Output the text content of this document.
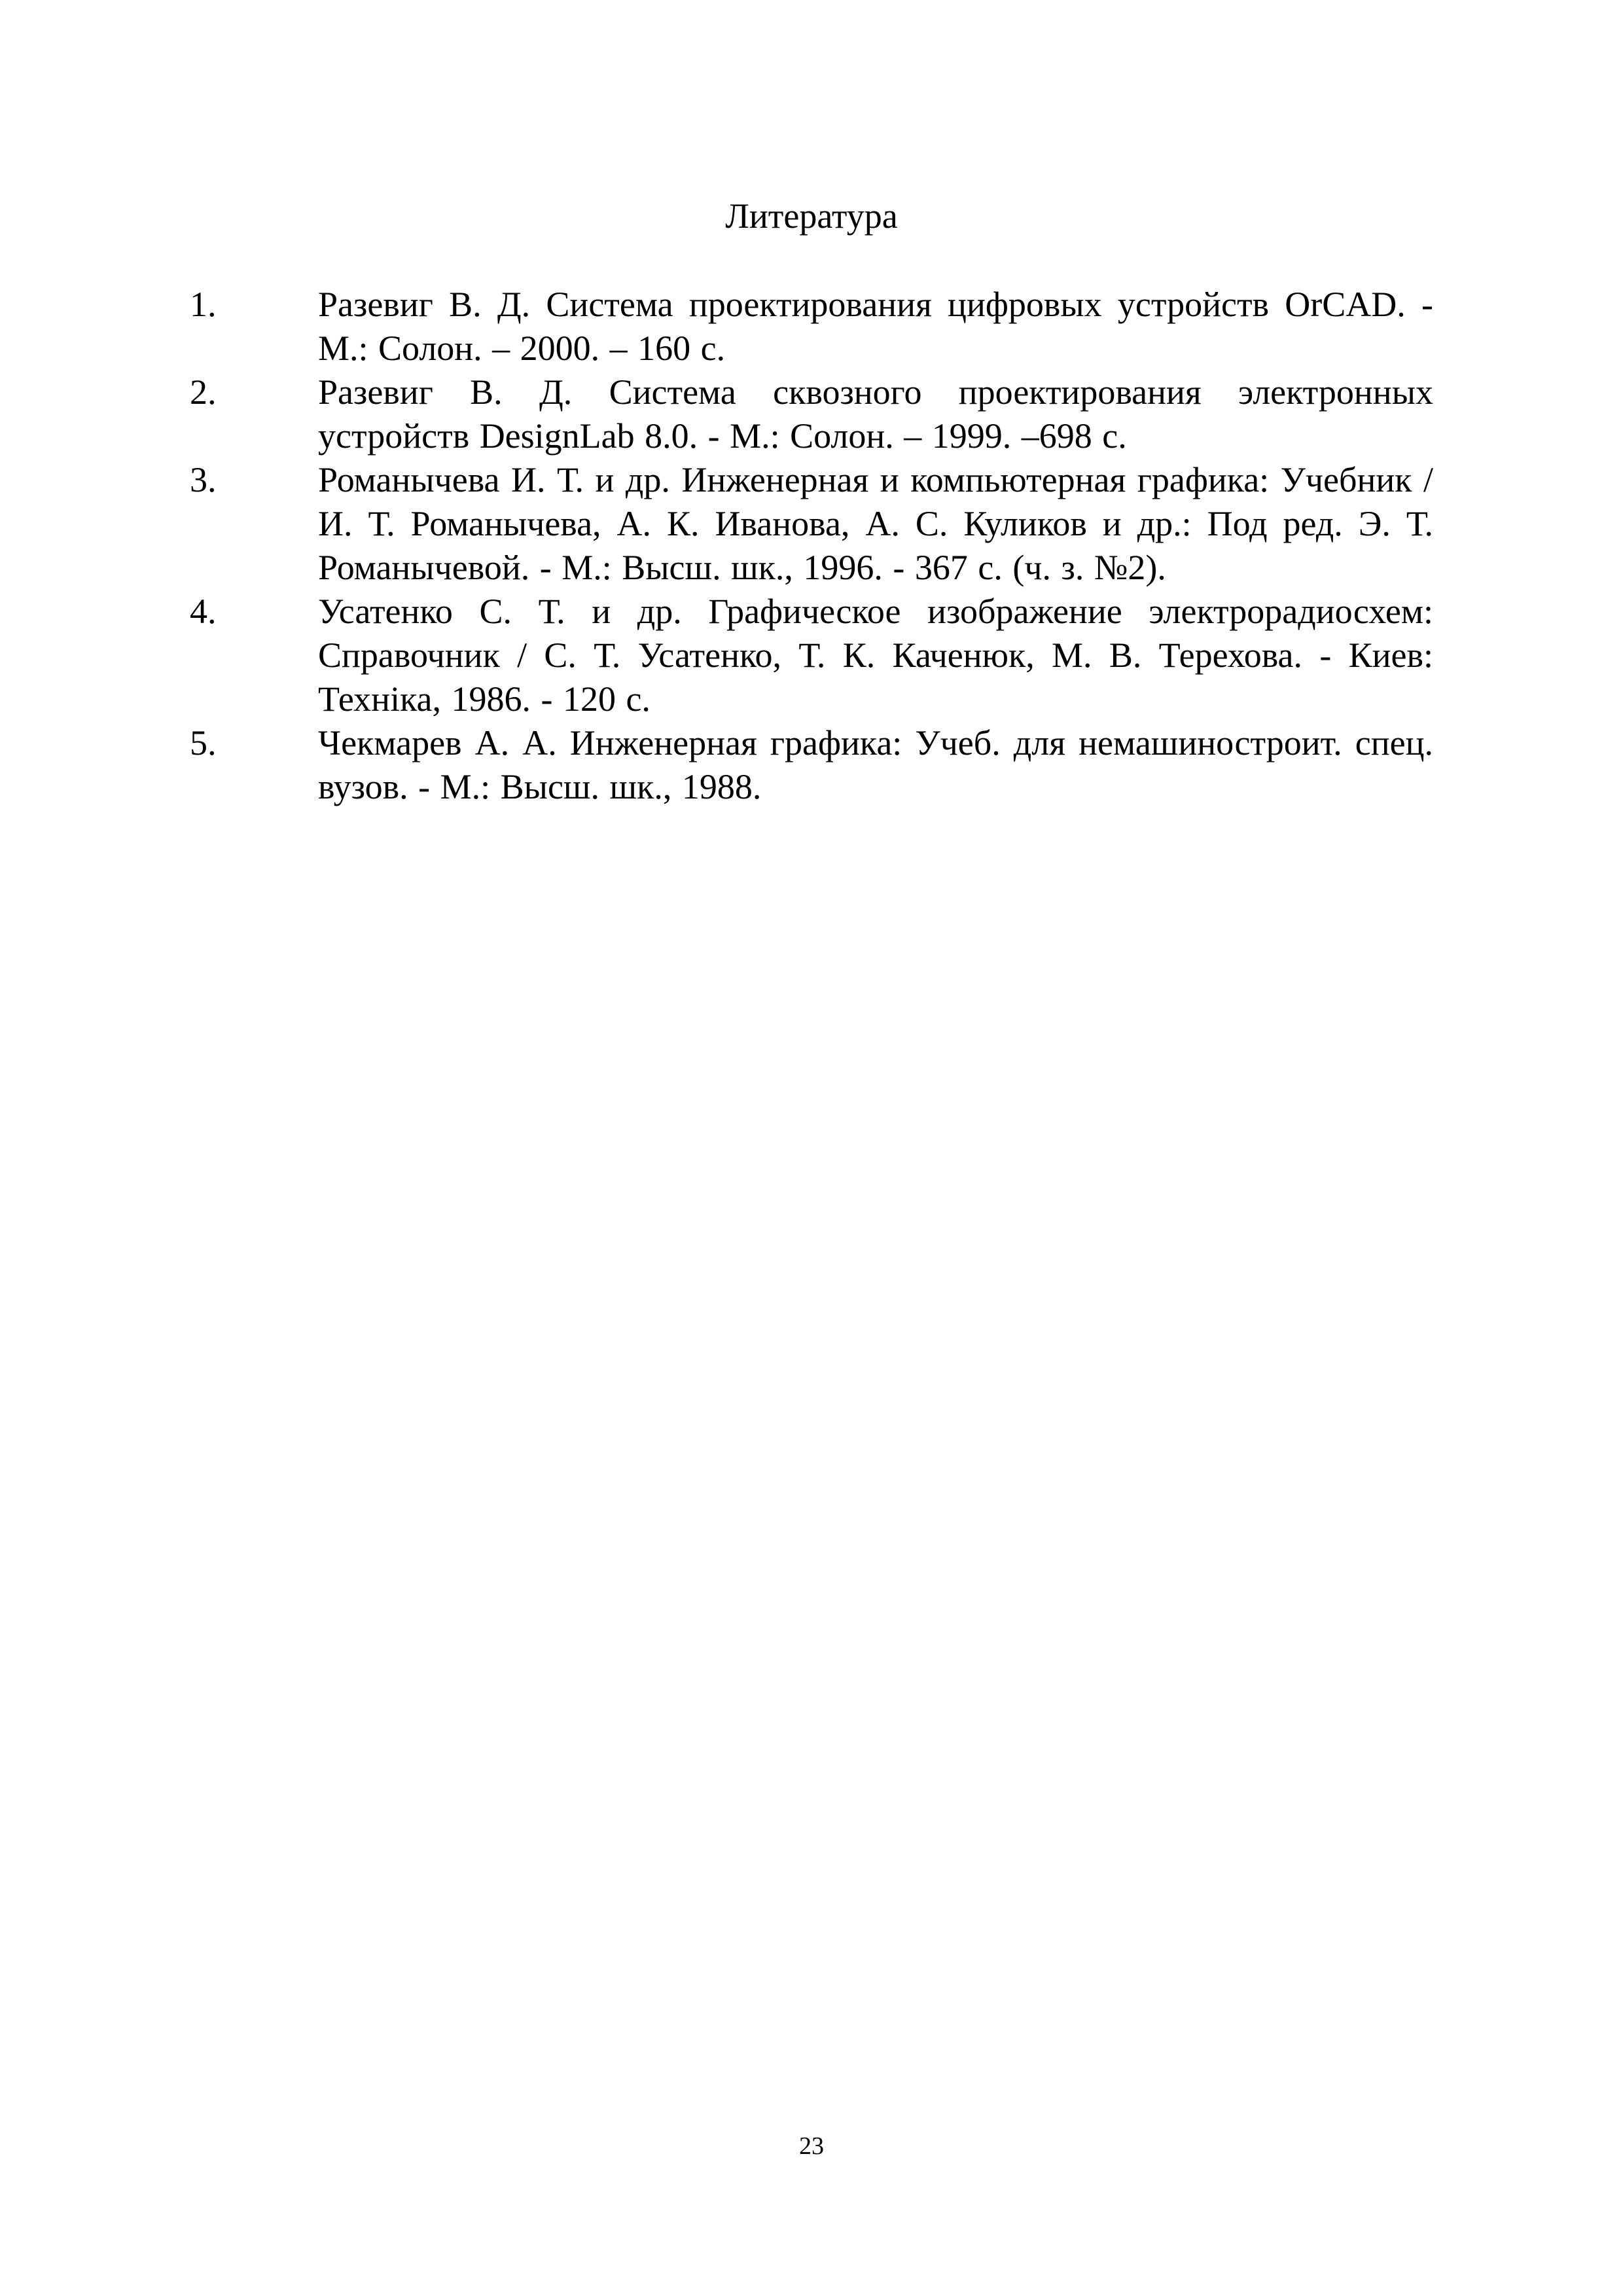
Литература
1.	Разевиг В. Д. Система проектирования цифровых устройств OrCAD. - М.: Солон. – 2000. – 160 с.
2.	Разевиг В. Д. Система сквозного проектирования электронных устройств DesignLab 8.0. - М.: Солон. – 1999. –698 с.
3.	Романычева И. Т. и др. Инженерная и компьютерная графика: Учебник / И. Т. Романычева, А. К. Иванова, А. С. Куликов и др.: Под ред. Э. Т. Романычевой. - М.: Высш. шк., 1996. - 367 с. (ч. з. №2).
4.	Усатенко С. Т. и др. Графическое изображение электрорадиосхем: Справочник / С. Т. Усатенко, Т. К. Каченюк, М. В. Терехова. - Киев: Техніка, 1986. - 120 с.
5.	Чекмарев А. А. Инженерная графика: Учеб. для немашиностроит. спец. вузов. - М.: Высш. шк., 1988.
23
